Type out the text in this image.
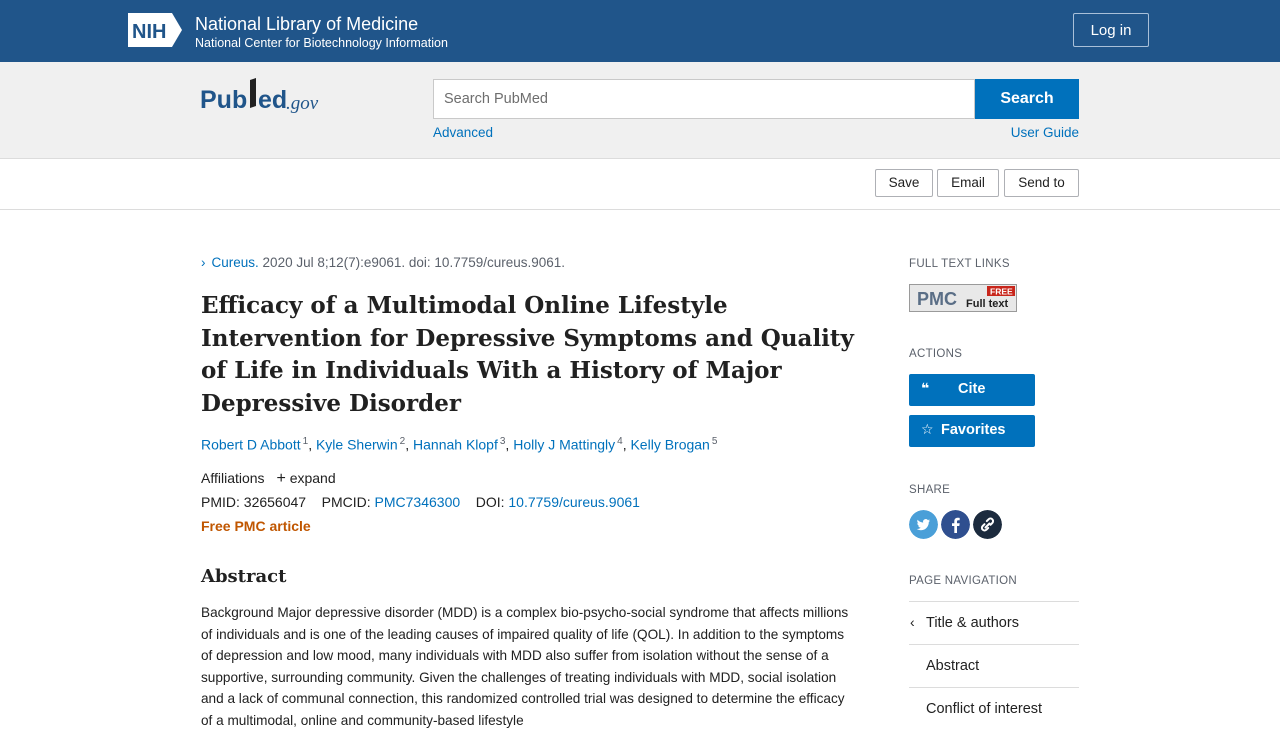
NIH National Library of Medicine
National Center for Biotechnology Information
Log in
Pub ed
.gov
Search PubMed	Search
Advanced	User Guide
Save	Email	Send to
› Cureus. 2020 Jul 8;12(7):e9061. doi: 10.7759/cureus.9061.
Efficacy of a Multimodal Online Lifestyle Intervention for Depressive Symptoms and Quality of Life in Individuals With a History of Major Depressive Disorder
Robert D Abbott $^1$, Kyle Sherwin $^2$, Hannah Klopf $^3$, Holly J Mattingly $^4$, Kelly Brogan $^5$
Affiliations + expand
PMID: 32656047 PMCID: PMC7346300 DOI: 10.7759/cureus.9061
Free PMC article
Abstract

Background Major depressive disorder (MDD) is a complex bio-psycho-social syndrome that affects millions of individuals and is one of the leading causes of impaired quality of life (QOL). In addition to the symptoms of depression and low mood, many individuals with MDD also suffer from isolation without the sense of a supportive, surrounding community. Given the challenges of treating individuals with MDD, social isolation and a lack of communal connection, this randomized controlled trial was designed to determine the efficacy of a multimodal, online and community-based lifestyle

FULL TEXT LINKS
PMC	FREE
Full text
ACTIONS
❝ Cite
☆ Favorites
SHARE
PAGE NAVIGATION
‹ Title & authors
Abstract
Conflict of interest
